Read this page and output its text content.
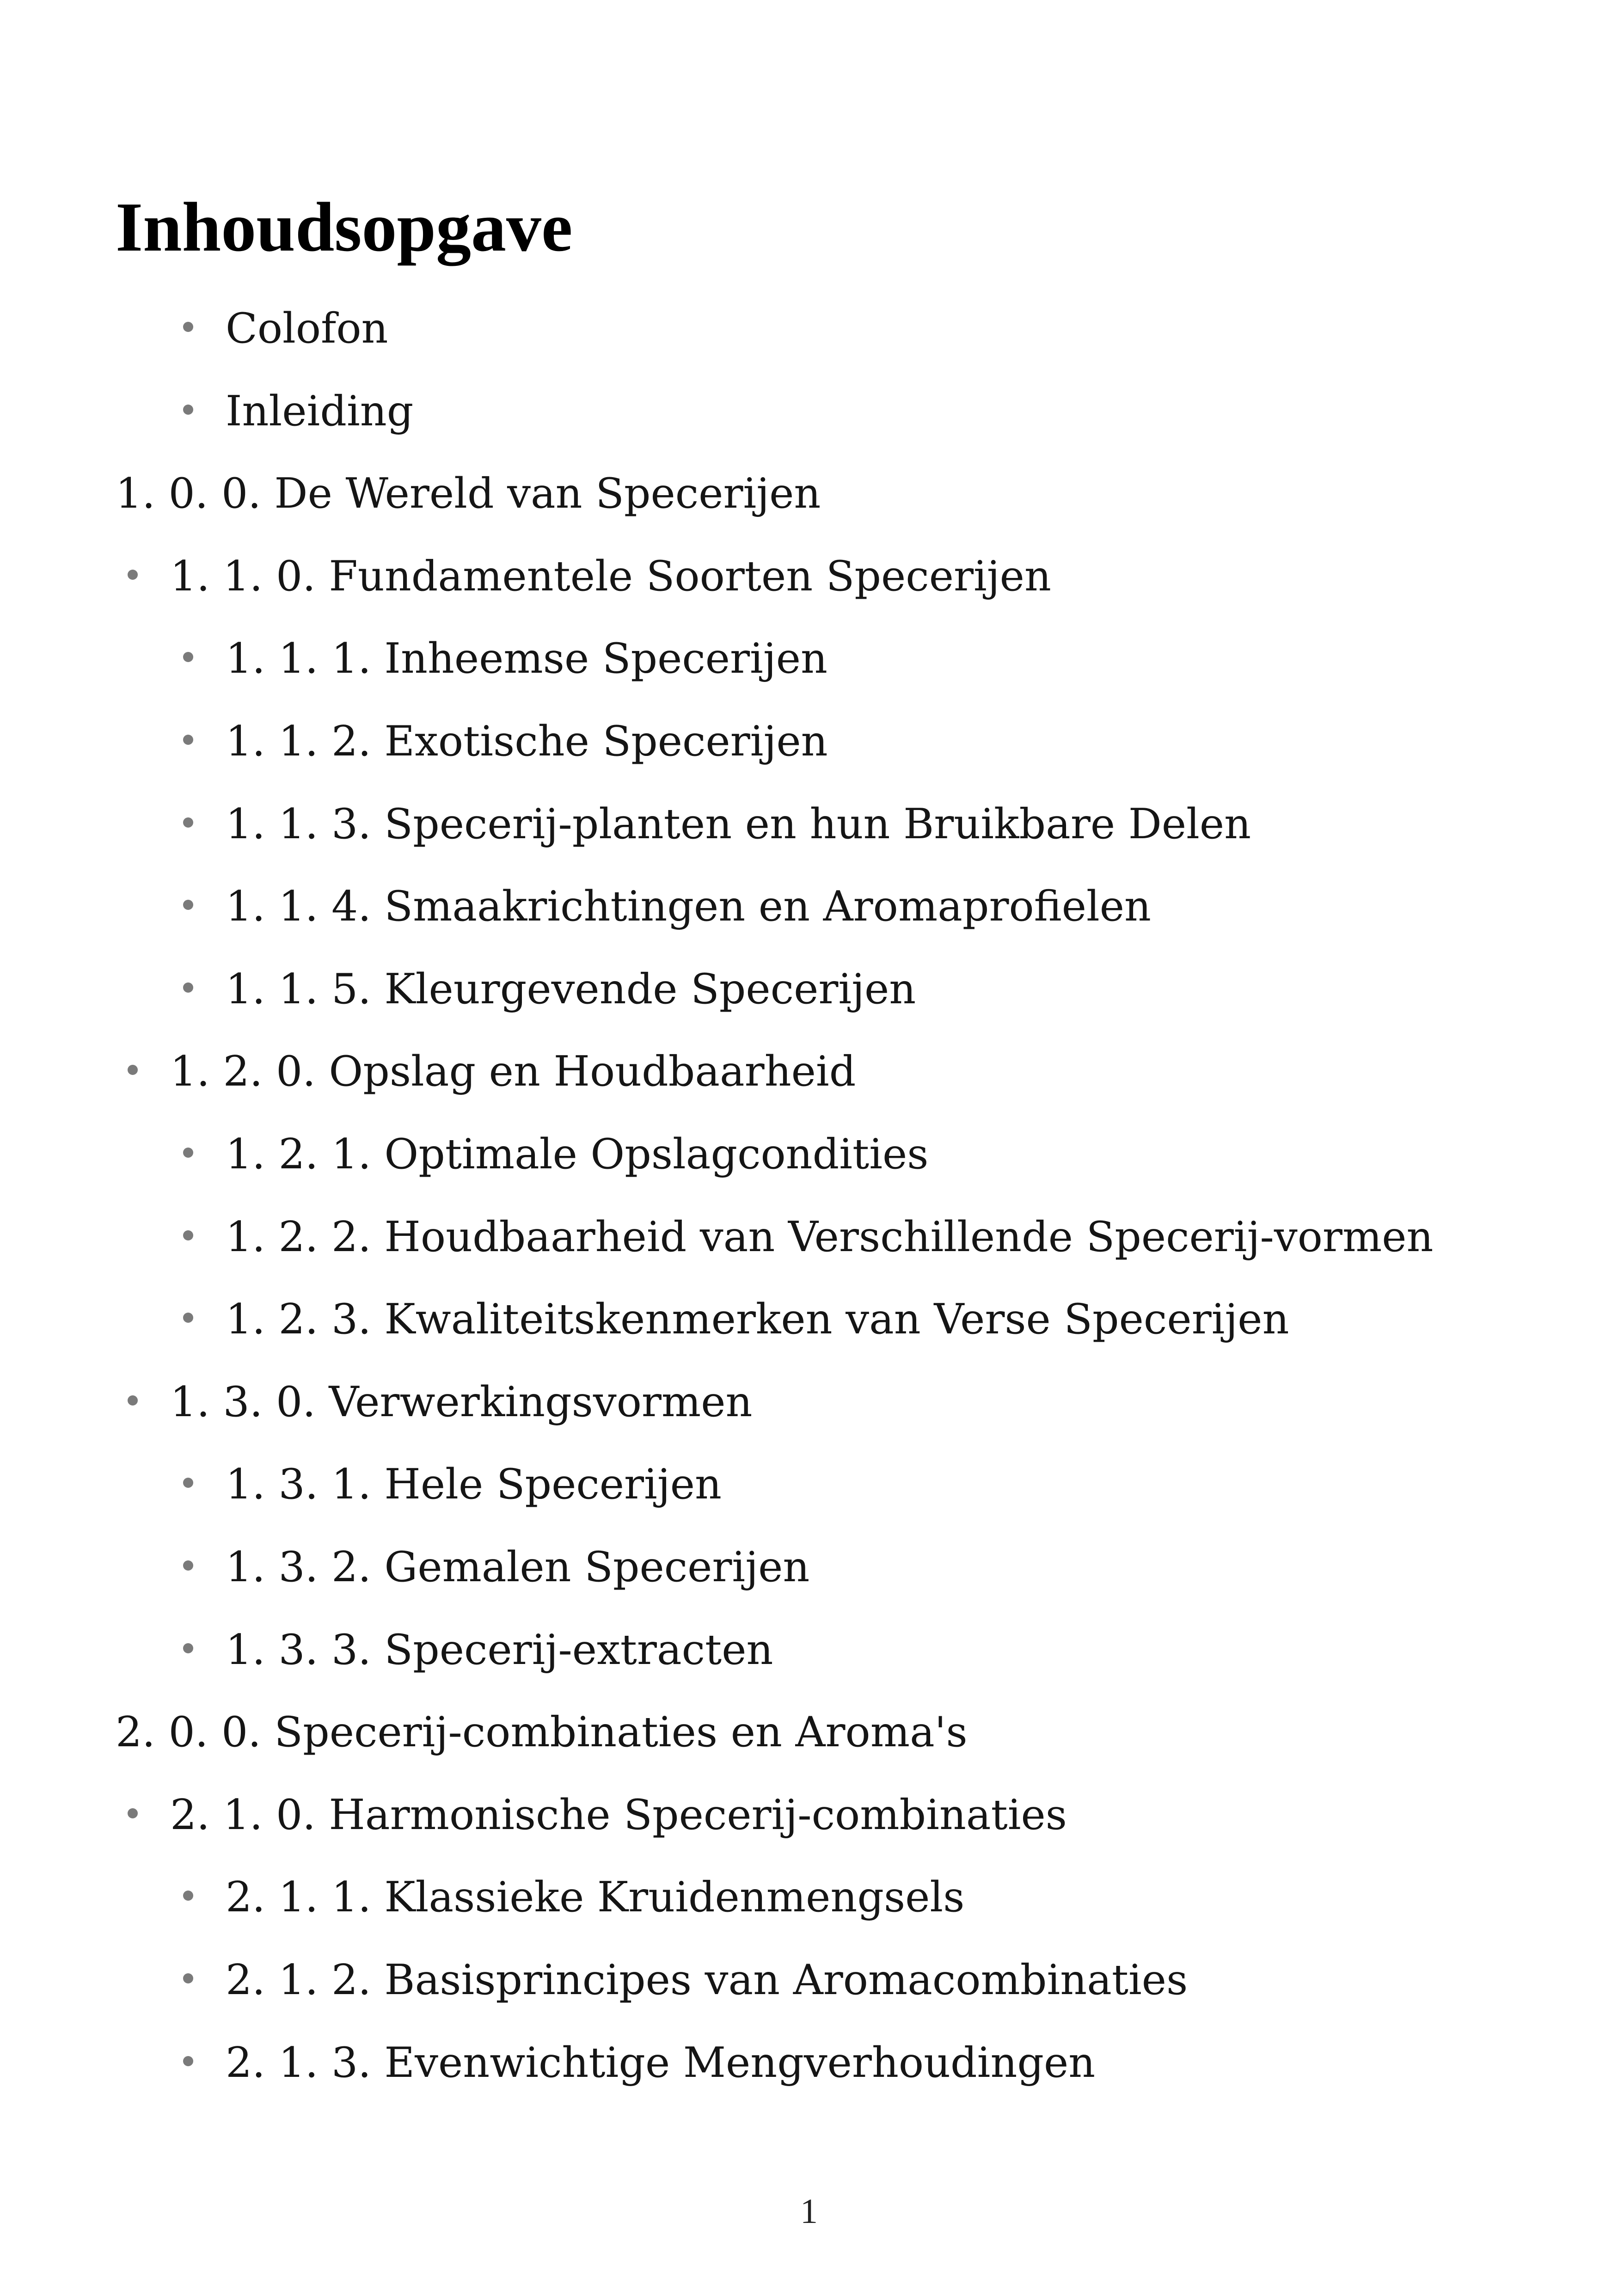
Inhoudsopgave
Colofon
Inleiding
1. 0. 0. De Wereld van Specerijen
1. 1. 0. Fundamentele Soorten Specerijen
1. 1. 1. Inheemse Specerijen
1. 1. 2. Exotische Specerijen
1. 1. 3. Specerij-planten en hun Bruikbare Delen
1. 1. 4. Smaakrichtingen en Aromaprofielen
1. 1. 5. Kleurgevende Specerijen
1. 2. 0. Opslag en Houdbaarheid
1. 2. 1. Optimale Opslagcondities
1. 2. 2. Houdbaarheid van Verschillende Specerij-vormen
1. 2. 3. Kwaliteitskenmerken van Verse Specerijen
1. 3. 0. Verwerkingsvormen
1. 3. 1. Hele Specerijen
1. 3. 2. Gemalen Specerijen
1. 3. 3. Specerij-extracten
2. 0. 0. Specerij-combinaties en Aroma's
2. 1. 0. Harmonische Specerij-combinaties
2. 1. 1. Klassieke Kruidenmengsels
2. 1. 2. Basisprincipes van Aromacombinaties
2. 1. 3. Evenwichtige Mengverhoudingen
1
